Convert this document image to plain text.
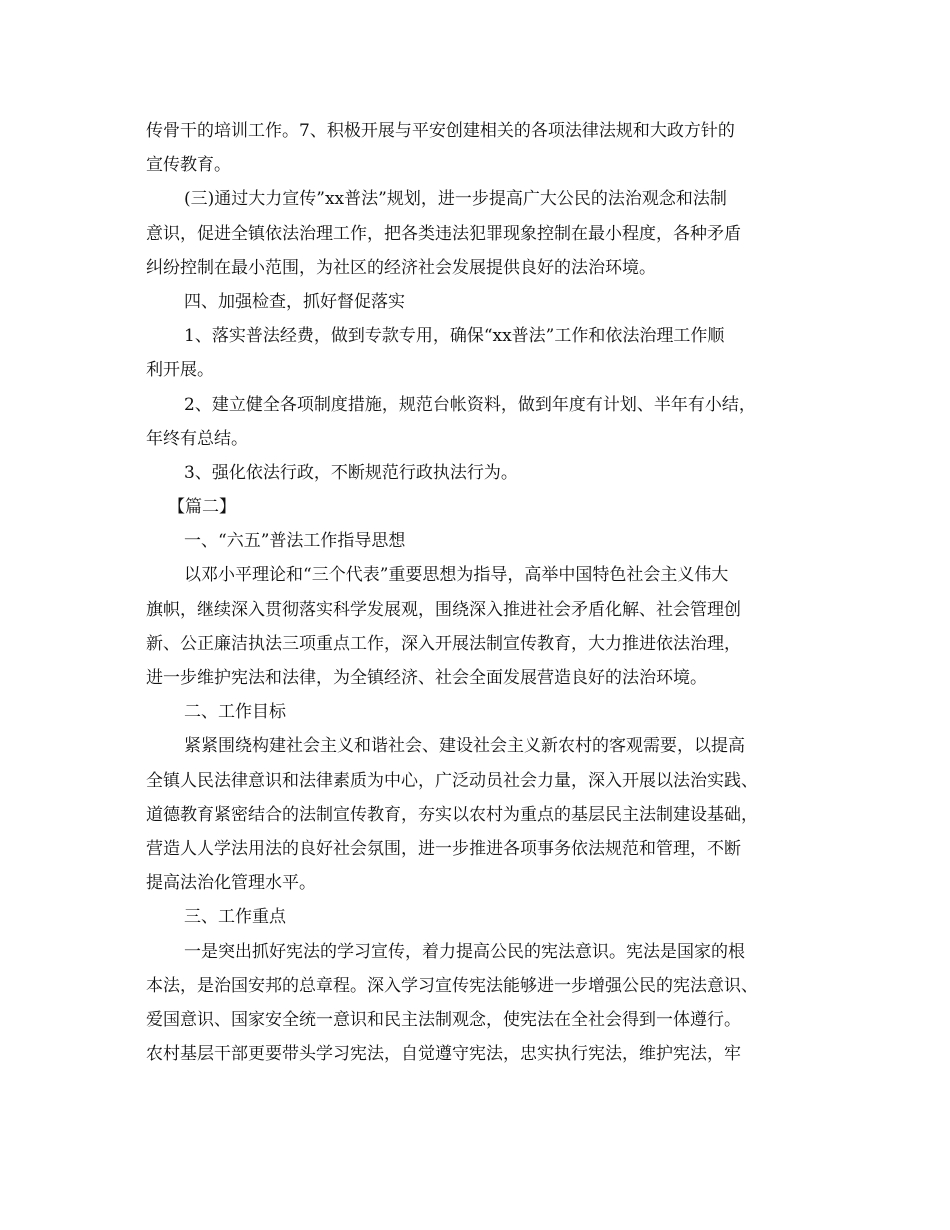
传骨干的培训工作。7、积极开展与平安创建相关的各项法律法规和大政方针的
宣传教育。
(三)通过大力宣传”xx普法”规划，进一步提高广大公民的法治观念和法制
意识，促进全镇依法治理工作，把各类违法犯罪现象控制在最小程度，各种矛盾
纠纷控制在最小范围，为社区的经济社会发展提供良好的法治环境。
四、加强检查，抓好督促落实
1、落实普法经费，做到专款专用，确保“xx普法”工作和依法治理工作顺
利开展。
2、建立健全各项制度措施，规范台帐资料，做到年度有计划、半年有小结，
年终有总结。
3、强化依法行政，不断规范行政执法行为。
【篇二】
一、“六五”普法工作指导思想
以邓小平理论和“三个代表”重要思想为指导，高举中国特色社会主义伟大
旗帜，继续深入贯彻落实科学发展观，围绕深入推进社会矛盾化解、社会管理创
新、公正廉洁执法三项重点工作，深入开展法制宣传教育，大力推进依法治理，
进一步维护宪法和法律，为全镇经济、社会全面发展营造良好的法治环境。
二、工作目标
紧紧围绕构建社会主义和谐社会、建设社会主义新农村的客观需要，以提高
全镇人民法律意识和法律素质为中心，广泛动员社会力量，深入开展以法治实践、
道德教育紧密结合的法制宣传教育，夯实以农村为重点的基层民主法制建设基础，
营造人人学法用法的良好社会氛围，进一步推进各项事务依法规范和管理，不断
提高法治化管理水平。
三、工作重点
一是突出抓好宪法的学习宣传，着力提高公民的宪法意识。宪法是国家的根
本法，是治国安邦的总章程。深入学习宣传宪法能够进一步增强公民的宪法意识、
爱国意识、国家安全统一意识和民主法制观念，使宪法在全社会得到一体遵行。
农村基层干部更要带头学习宪法，自觉遵守宪法，忠实执行宪法，维护宪法，牢
